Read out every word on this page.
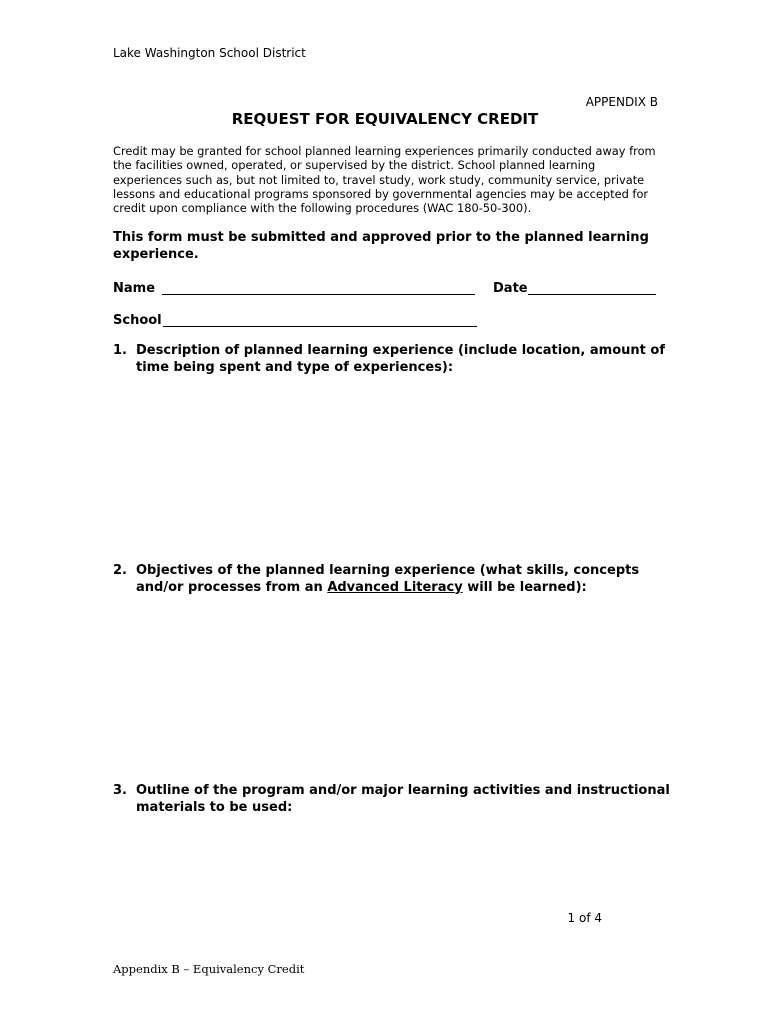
Lake Washington School District
APPENDIX B
REQUEST FOR EQUIVALENCY CREDIT
Credit may be granted for school planned learning experiences primarily conducted away from the facilities owned, operated, or supervised by the district. School planned learning experiences such as, but not limited to, travel study, work study, community service, private lessons and educational programs sponsored by governmental agencies may be accepted for credit upon compliance with the following procedures (WAC 180-50-300).
This form must be submitted and approved prior to the planned learning experience.
Name	Date
School
1. Description of planned learning experience (include location, amount of time being spent and type of experiences):
2. Objectives of the planned learning experience (what skills, concepts and/or processes from an Advanced Literacy will be learned):
3. Outline of the program and/or major learning activities and instructional materials to be used:
1 of 4
Appendix B – Equivalency Credit
